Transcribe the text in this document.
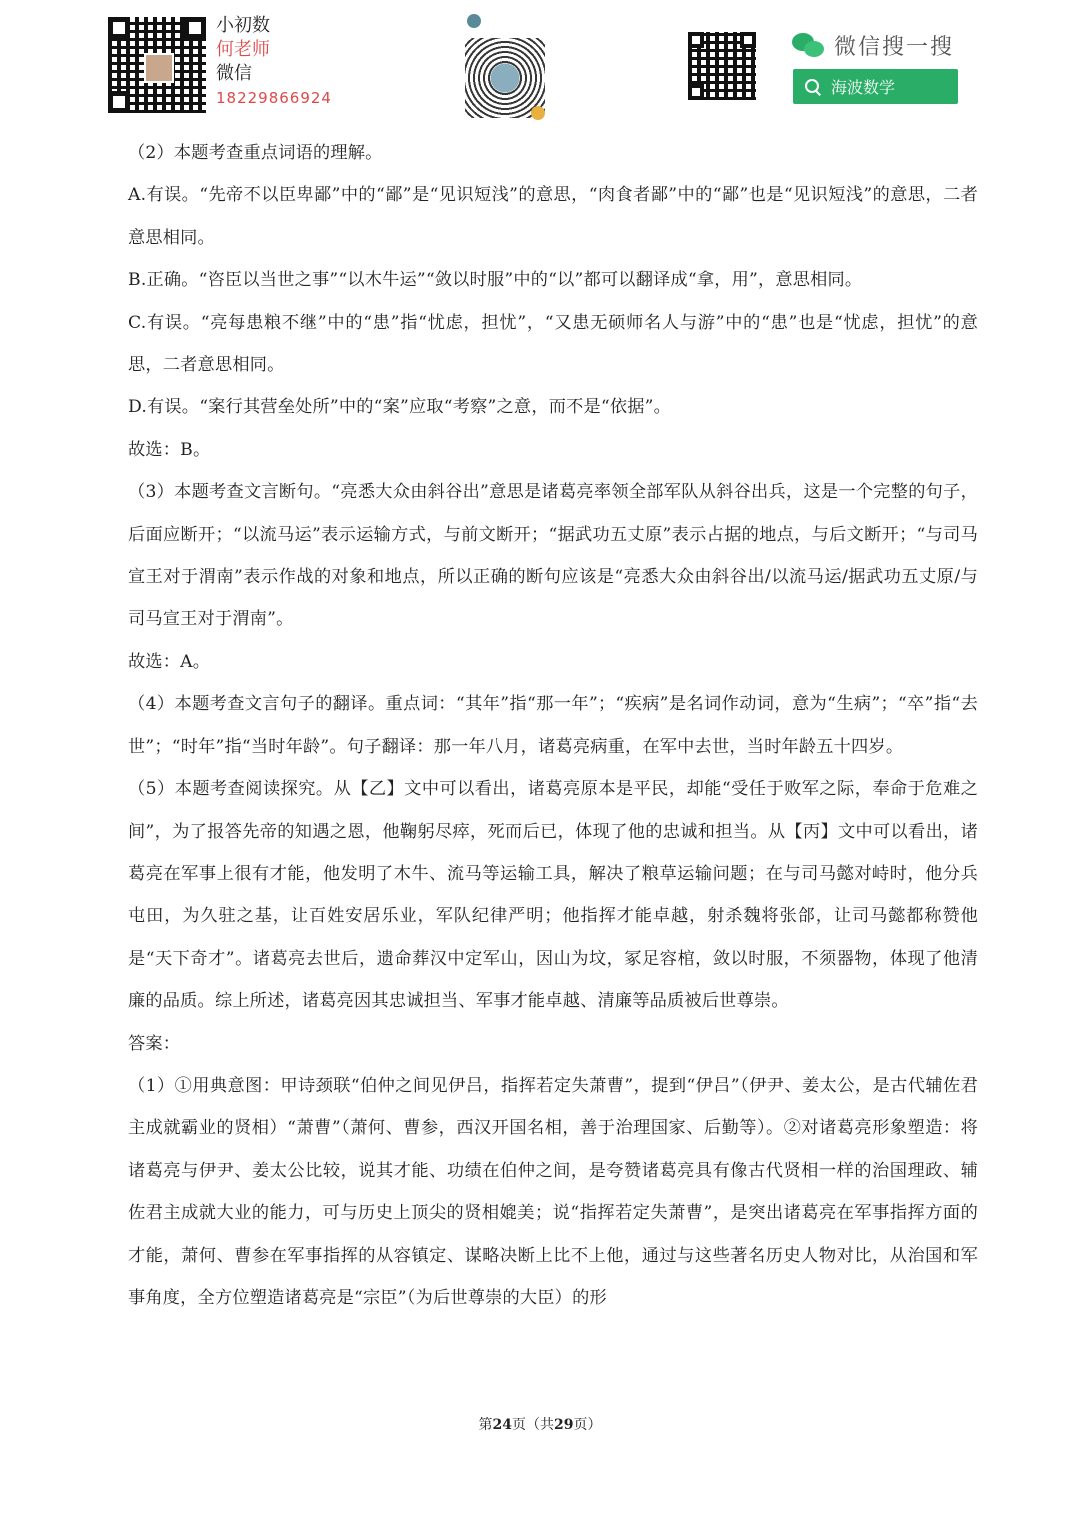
小初数
何老师
微信
18229866924
微信搜一搜
海波数学

（2）本题考查重点词语的理解。

A.有误。“先帝不以臣卑鄙”中的“鄙”是“见识短浅”的意思，“肉食者鄙”中的“鄙”也是“见识短浅”的意思，二者意思相同。

B.正确。“咨臣以当世之事”“以木牛运”“敛以时服”中的“以”都可以翻译成“拿，用”，意思相同。

C.有误。“亮每患粮不继”中的“患”指“忧虑，担忧”，“又患无硕师名人与游”中的“患”也是“忧虑，担忧”的意思，二者意思相同。

D.有误。“案行其营垒处所”中的“案”应取“考察”之意，而不是“依据”。

故选：B。

（3）本题考查文言断句。“亮悉大众由斜谷出”意思是诸葛亮率领全部军队从斜谷出兵，这是一个完整的句子，后面应断开；“以流马运”表示运输方式，与前文断开；“据武功五丈原”表示占据的地点，与后文断开；“与司马宣王对于渭南”表示作战的对象和地点，所以正确的断句应该是“亮悉大众由斜谷出/以流马运/据武功五丈原/与司马宣王对于渭南”。

故选：A。

（4）本题考查文言句子的翻译。重点词：“其年”指“那一年”；“疾病”是名词作动词，意为“生病”；“卒”指“去世”；“时年”指“当时年龄”。句子翻译：那一年八月，诸葛亮病重，在军中去世，当时年龄五十四岁。

（5）本题考查阅读探究。从【乙】文中可以看出，诸葛亮原本是平民，却能“受任于败军之际，奉命于危难之间”，为了报答先帝的知遇之恩，他鞠躬尽瘁，死而后已，体现了他的忠诚和担当。从【丙】文中可以看出，诸葛亮在军事上很有才能，他发明了木牛、流马等运输工具，解决了粮草运输问题；在与司马懿对峙时，他分兵屯田，为久驻之基，让百姓安居乐业，军队纪律严明；他指挥才能卓越，射杀魏将张郃，让司马懿都称赞他是“天下奇才”。诸葛亮去世后，遗命葬汉中定军山，因山为坟，冢足容棺，敛以时服，不须器物，体现了他清廉的品质。综上所述，诸葛亮因其忠诚担当、军事才能卓越、清廉等品质被后世尊崇。

答案：

（1）①用典意图：甲诗颈联“伯仲之间见伊吕，指挥若定失萧曹”，提到“伊吕”（伊尹、姜太公，是古代辅佐君主成就霸业的贤相）“萧曹”（萧何、曹参，西汉开国名相，善于治理国家、后勤等）。②对诸葛亮形象塑造：将诸葛亮与伊尹、姜太公比较，说其才能、功绩在伯仲之间，是夸赞诸葛亮具有像古代贤相一样的治国理政、辅佐君主成就大业的能力，可与历史上顶尖的贤相媲美；说“指挥若定失萧曹”，是突出诸葛亮在军事指挥方面的才能，萧何、曹参在军事指挥的从容镇定、谋略决断上比不上他，通过与这些著名历史人物对比，从治国和军事角度，全方位塑造诸葛亮是“宗臣”（为后世尊崇的大臣）的形

第24页（共29页）
